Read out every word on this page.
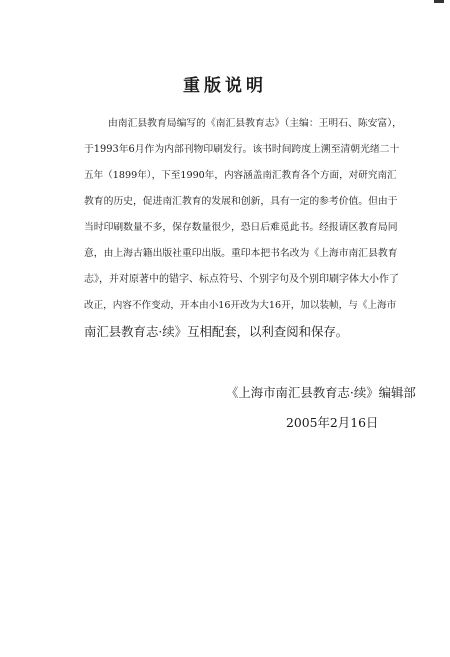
重版说明
由南汇县教育局编写的《南汇县教育志》（主编：王明石、陈安富），
于1993年6月作为内部刊物印刷发行。该书时间跨度上溯至清朝光绪二十
五年（1899年），下至1990年，内容涵盖南汇教育各个方面，对研究南汇
教育的历史，促进南汇教育的发展和创新，具有一定的参考价值。但由于
当时印刷数量不多，保存数量很少，恐日后难觅此书。经报请区教育局同
意，由上海古籍出版社重印出版。重印本把书名改为《上海市南汇县教育
志》，并对原著中的错字、标点符号、个别字句及个别印刷字体大小作了
改正，内容不作变动，开本由小16开改为大16开，加以装帧，与《上海市
南汇县教育志·续》互相配套，以利查阅和保存。
《上海市南汇县教育志·续》编辑部
2005年2月16日
